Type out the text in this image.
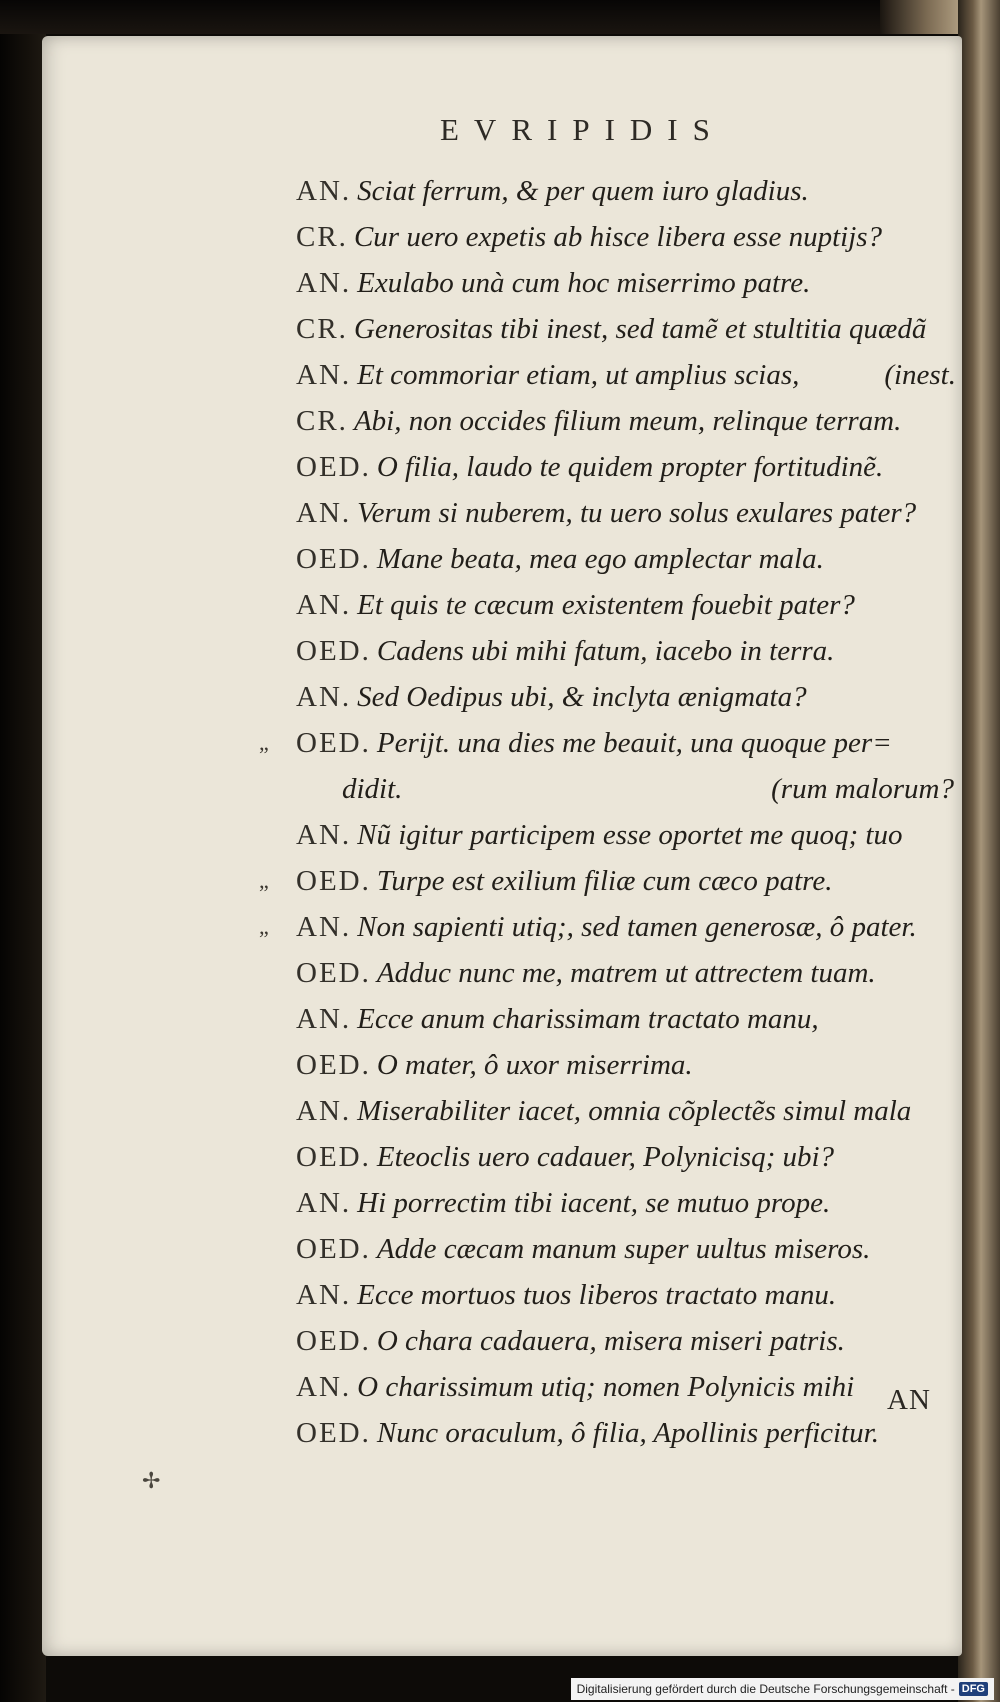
EVRIPIDIS
AN. Sciat ferrum, & per quem iuro gladius.
CR. Cur uero expetis ab hisce libera esse nuptijs?
AN. Exulabo unà cum hoc miserrimo patre.
CR. Generositas tibi inest, sed tamẽ et stultitia quædã
AN. Et commoriar etiam, ut amplius scias,	(inest.
CR. Abi, non occides filium meum, relinque terram.
OED. O filia, laudo te quidem propter fortitudinẽ.
AN. Verum si nuberem, tu uero solus exulares pater?
OED. Mane beata, mea ego amplectar mala.
AN. Et quis te cæcum existentem fouebit pater?
OED. Cadens ubi mihi fatum, iacebo in terra.
AN. Sed Oedipus ubi, & inclyta ænigmata?
„ OED. Perijt. una dies me beauit, una quoque per=
didit.	(rum malorum?
AN. Nũ igitur participem esse oportet me quoq; tuo
„ OED. Turpe est exilium filiæ cum cæco patre.
„ AN. Non sapienti utiq;, sed tamen generosæ, ô pater.
OED. Adduc nunc me, matrem ut attrectem tuam.
AN. Ecce anum charissimam tractato manu,
OED. O mater, ô uxor miserrima.
AN. Miserabiliter iacet, omnia cõplectẽs simul mala
OED. Eteoclis uero cadauer, Polynicisq; ubi?
AN. Hi porrectim tibi iacent, se mutuo prope.
OED. Adde cæcam manum super uultus miseros.
AN. Ecce mortuos tuos liberos tractato manu.
OED. O chara cadauera, misera miseri patris.
AN. O charissimum utiq; nomen Polynicis mihi
OED. Nunc oraculum, ô filia, Apollinis perficitur.
AN
✢
Digitalisierung gefördert durch die Deutsche Forschungsgemeinschaft - DFG
